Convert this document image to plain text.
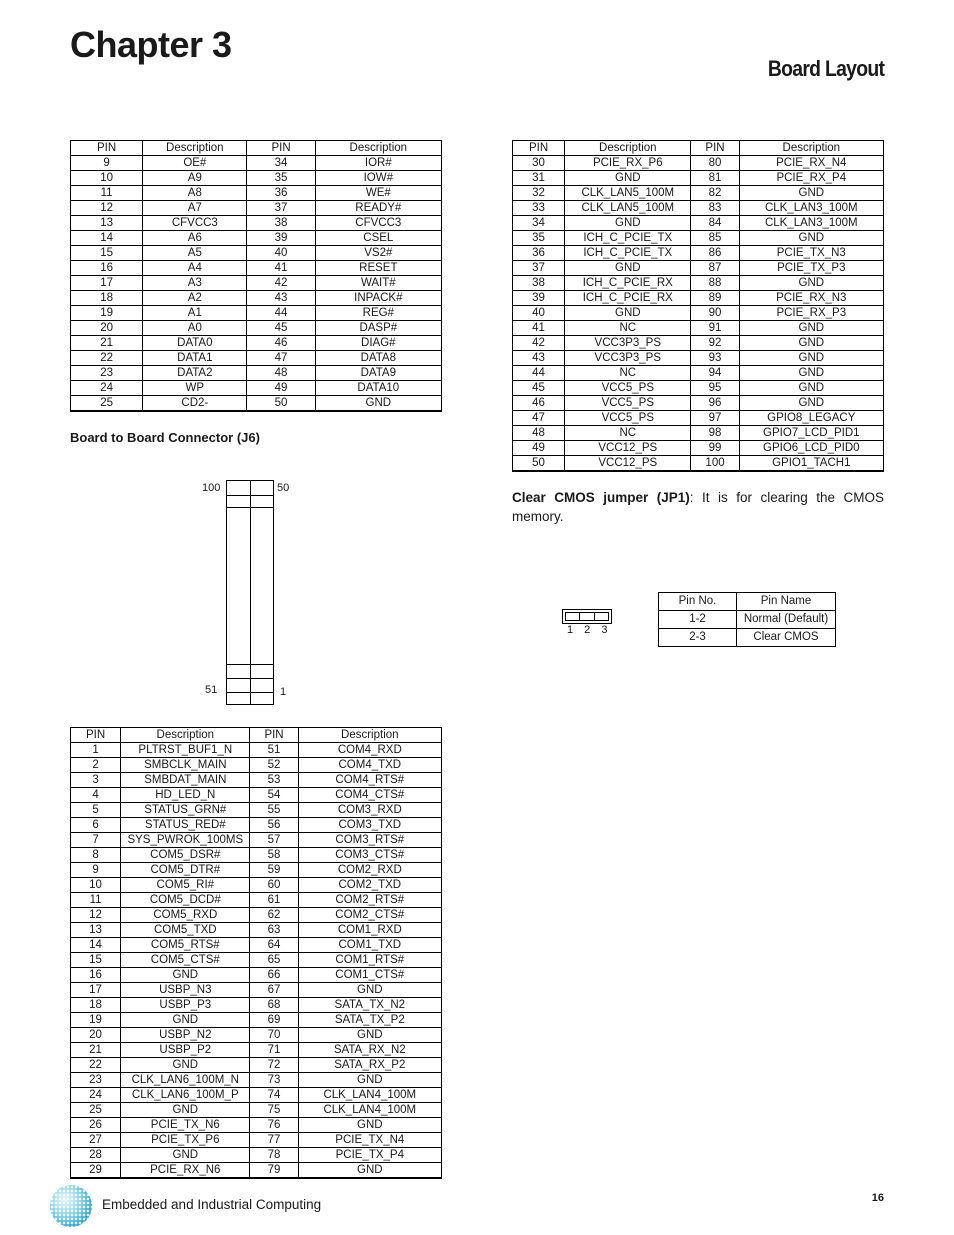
Chapter 3
Board Layout
PIN	Description	PIN	Description
9	OE#	34	IOR#
10	A9	35	IOW#
11	A8	36	WE#
12	A7	37	READY#
13	CFVCC3	38	CFVCC3
14	A6	39	CSEL
15	A5	40	VS2#
16	A4	41	RESET
17	A3	42	WAIT#
18	A2	43	INPACK#
19	A1	44	REG#
20	A0	45	DASP#
21	DATA0	46	DIAG#
22	DATA1	47	DATA8
23	DATA2	48	DATA9
24	WP	49	DATA10
25	CD2-	50	GND
PIN	Description	PIN	Description
30	PCIE_RX_P6	80	PCIE_RX_N4
31	GND	81	PCIE_RX_P4
32	CLK_LAN5_100M	82	GND
33	CLK_LAN5_100M	83	CLK_LAN3_100M
34	GND	84	CLK_LAN3_100M
35	ICH_C_PCIE_TX	85	GND
36	ICH_C_PCIE_TX	86	PCIE_TX_N3
37	GND	87	PCIE_TX_P3
38	ICH_C_PCIE_RX	88	GND
39	ICH_C_PCIE_RX	89	PCIE_RX_N3
40	GND	90	PCIE_RX_P3
41	NC	91	GND
42	VCC3P3_PS	92	GND
43	VCC3P3_PS	93	GND
44	NC	94	GND
45	VCC5_PS	95	GND
46	VCC5_PS	96	GND
47	VCC5_PS	97	GPIO8_LEGACY
48	NC	98	GPIO7_LCD_PID1
49	VCC12_PS	99	GPIO6_LCD_PID0
50	VCC12_PS	100	GPIO1_TACH1
Board to Board Connector (J6)
100	50
51	1
PIN	Description	PIN	Description
1	PLTRST_BUF1_N	51	COM4_RXD
2	SMBCLK_MAIN	52	COM4_TXD
3	SMBDAT_MAIN	53	COM4_RTS#
4	HD_LED_N	54	COM4_CTS#
5	STATUS_GRN#	55	COM3_RXD
6	STATUS_RED#	56	COM3_TXD
7	SYS_PWROK_100MS	57	COM3_RTS#
8	COM5_DSR#	58	COM3_CTS#
9	COM5_DTR#	59	COM2_RXD
10	COM5_RI#	60	COM2_TXD
11	COM5_DCD#	61	COM2_RTS#
12	COM5_RXD	62	COM2_CTS#
13	COM5_TXD	63	COM1_RXD
14	COM5_RTS#	64	COM1_TXD
15	COM5_CTS#	65	COM1_RTS#
16	GND	66	COM1_CTS#
17	USBP_N3	67	GND
18	USBP_P3	68	SATA_TX_N2
19	GND	69	SATA_TX_P2
20	USBP_N2	70	GND
21	USBP_P2	71	SATA_RX_N2
22	GND	72	SATA_RX_P2
23	CLK_LAN6_100M_N	73	GND
24	CLK_LAN6_100M_P	74	CLK_LAN4_100M
25	GND	75	CLK_LAN4_100M
26	PCIE_TX_N6	76	GND
27	PCIE_TX_P6	77	PCIE_TX_N4
28	GND	78	PCIE_TX_P4
29	PCIE_RX_N6	79	GND
Clear CMOS jumper (JP1): It is for clearing the CMOS memory.
1 2 3
Pin No.	Pin Name
1-2	Normal (Default)
2-3	Clear CMOS
Embedded and Industrial Computing	16
